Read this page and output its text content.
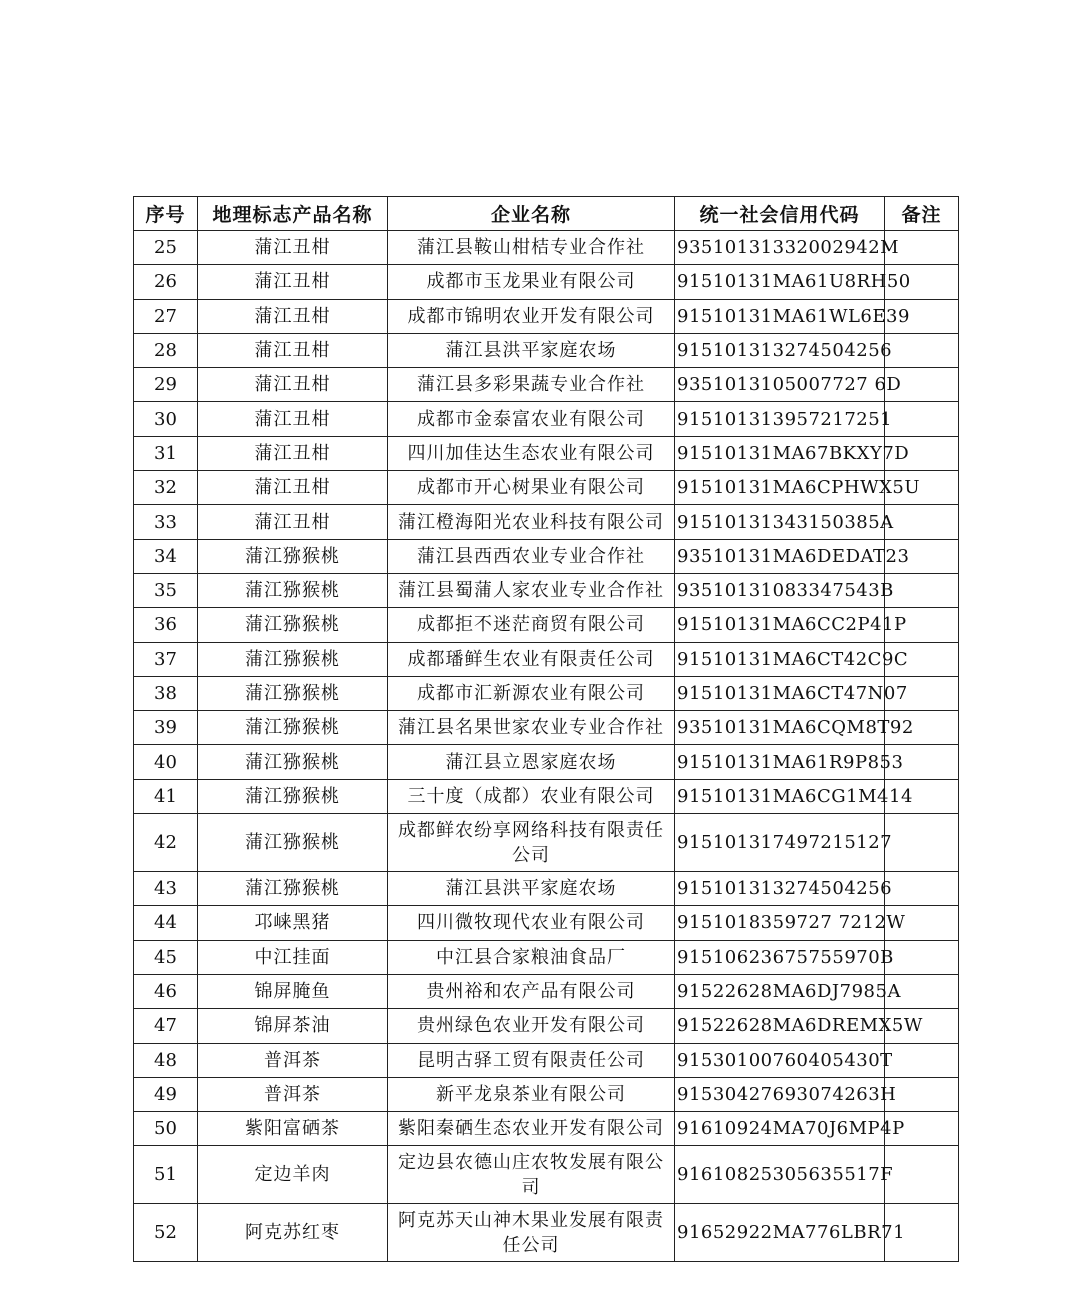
序号	地理标志产品名称	企业名称	统一社会信用代码	备注
25	蒲江丑柑	蒲江县鞍山柑桔专业合作社	93510131332002942M	
26	蒲江丑柑	成都市玉龙果业有限公司	91510131MA61U8RH50	
27	蒲江丑柑	成都市锦明农业开发有限公司	91510131MA61WL6E39	
28	蒲江丑柑	蒲江县洪平家庭农场	915101313274504256	
29	蒲江丑柑	蒲江县多彩果蔬专业合作社	9351013105007727 6D	
30	蒲江丑柑	成都市金泰富农业有限公司	915101313957217251	
31	蒲江丑柑	四川加佳达生态农业有限公司	91510131MA67BKXY7D	
32	蒲江丑柑	成都市开心树果业有限公司	91510131MA6CPHWX5U	
33	蒲江丑柑	蒲江橙海阳光农业科技有限公司	91510131343150385A	
34	蒲江猕猴桃	蒲江县西西农业专业合作社	93510131MA6DEDAT23	
35	蒲江猕猴桃	蒲江县蜀蒲人家农业专业合作社	93510131083347543B	
36	蒲江猕猴桃	成都拒不迷茫商贸有限公司	91510131MA6CC2P41P	
37	蒲江猕猴桃	成都璠鲜生农业有限责任公司	91510131MA6CT42C9C	
38	蒲江猕猴桃	成都市汇新源农业有限公司	91510131MA6CT47N07	
39	蒲江猕猴桃	蒲江县名果世家农业专业合作社	93510131MA6CQM8T92	
40	蒲江猕猴桃	蒲江县立恩家庭农场	91510131MA61R9P853	
41	蒲江猕猴桃	三十度（成都）农业有限公司	91510131MA6CG1M414	
42	蒲江猕猴桃	成都鲜农纷享网络科技有限责任公司	915101317497215127	
43	蒲江猕猴桃	蒲江县洪平家庭农场	915101313274504256	
44	邛崃黑猪	四川微牧现代农业有限公司	9151018359727 7212W	
45	中江挂面	中江县合家粮油食品厂	91510623675755970B	
46	锦屏腌鱼	贵州裕和农产品有限公司	91522628MA6DJ7985A	
47	锦屏茶油	贵州绿色农业开发有限公司	91522628MA6DREMX5W	
48	普洱茶	昆明古驿工贸有限责任公司	91530100760405430T	
49	普洱茶	新平龙泉茶业有限公司	91530427693074263H	
50	紫阳富硒茶	紫阳秦硒生态农业开发有限公司	91610924MA70J6MP4P	
51	定边羊肉	定边县农德山庄农牧发展有限公司	91610825305635517F	
52	阿克苏红枣	阿克苏天山神木果业发展有限责任公司	91652922MA776LBR71	
